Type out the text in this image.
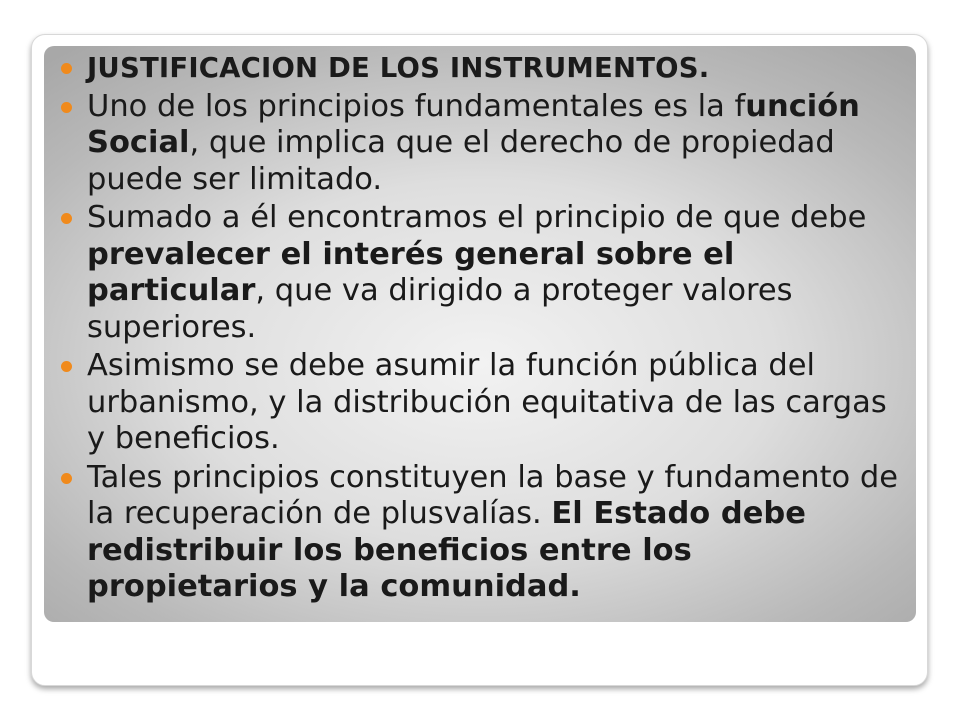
JUSTIFICACION DE LOS INSTRUMENTOS.
Uno de los principios fundamentales es la función Social, que implica que el derecho de propiedad puede ser limitado.
Sumado a él encontramos el principio de que debe prevalecer el interés general sobre el particular, que va dirigido a proteger valores superiores.
Asimismo se debe asumir la función pública del urbanismo, y la distribución equitativa de las cargas y beneficios.
Tales principios constituyen la base y fundamento de la recuperación de plusvalías. El Estado debe redistribuir los beneficios entre los propietarios y la comunidad.
